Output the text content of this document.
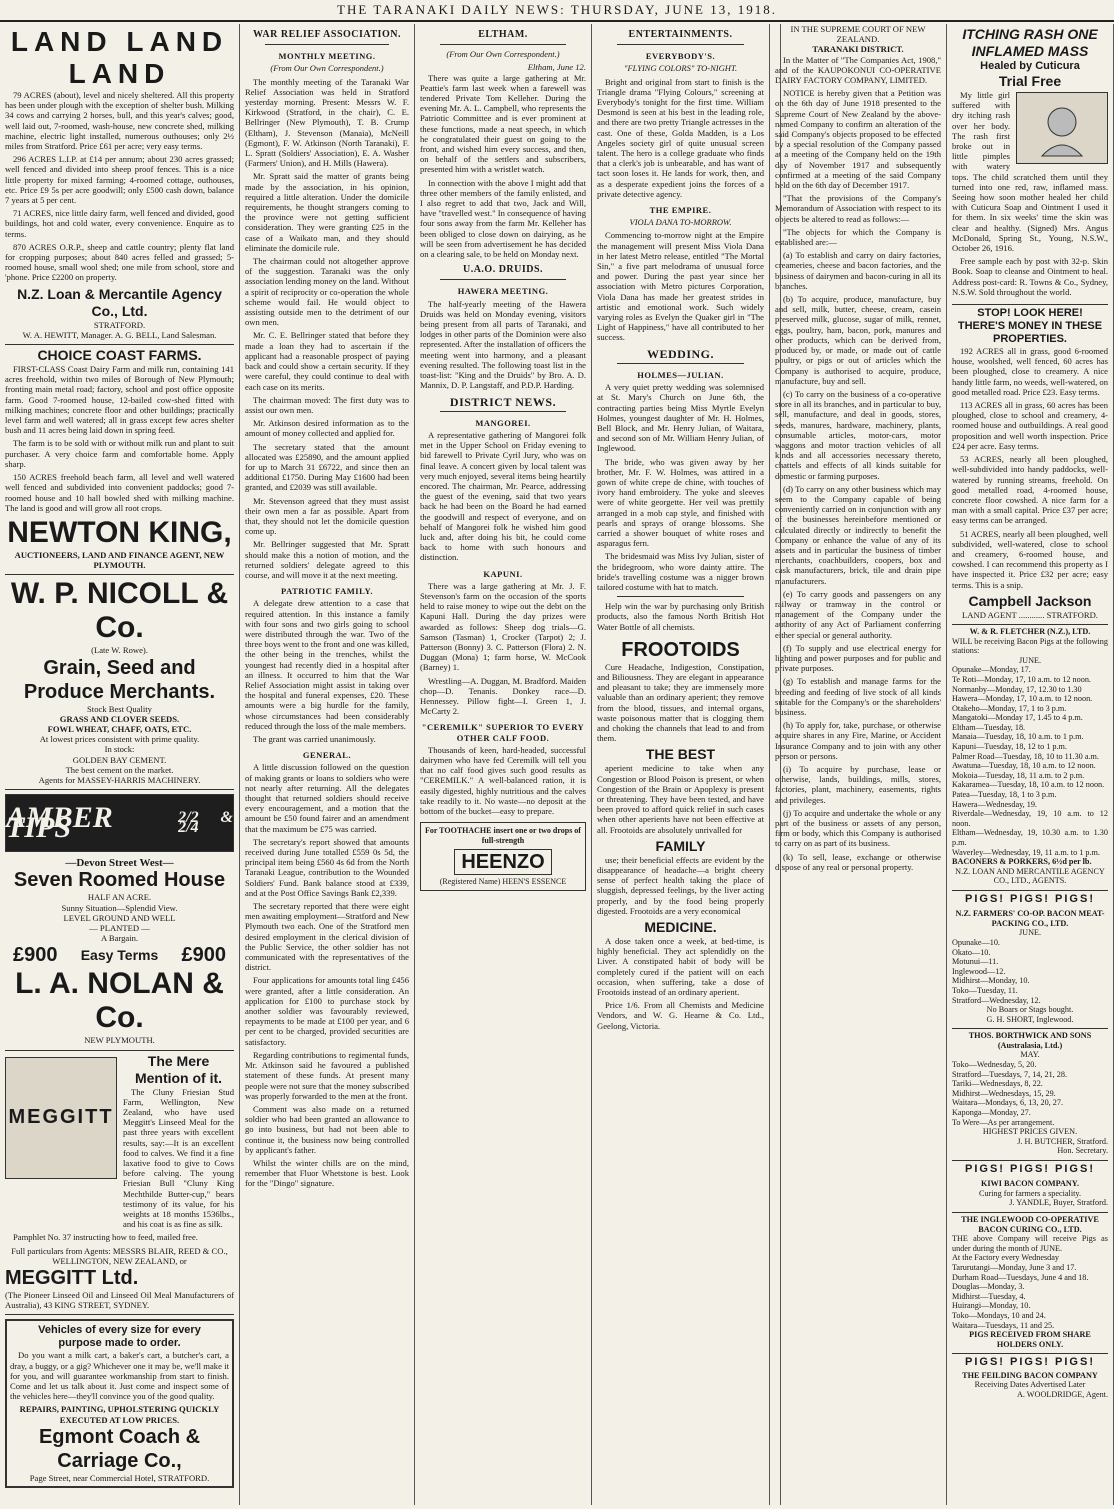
THE TARANAKI DAILY NEWS: THURSDAY, JUNE 13, 1918.
LAND LAND LAND

79 ACRES (about), level and nicely sheltered. All this property has been under plough with the exception of shelter bush. Milking 34 cows and carrying 2 horses, bull, and this year's calves; good, well laid out, 7-roomed, wash-house, new concrete shed, milking machine, electric light installed, numerous outhouses; only 2½ miles from Stratford. Price £61 per acre; very easy terms.

296 ACRES L.I.P. at £14 per annum; about 230 acres grassed; well fenced and divided into sheep proof fences. This is a nice little property for mixed farming; 4-roomed cottage, outhouses, etc. Price £9 5s per acre goodwill; only £500 cash down, balance 7 years at 5 per cent.

71 ACRES, nice little dairy farm, well fenced and divided, good buildings, hot and cold water, every convenience. Enquire as to terms.

870 ACRES O.R.P., sheep and cattle country; plenty flat land for cropping purposes; about 840 acres felled and grassed; 5-roomed house, small wool shed; one mile from school, store and 'phone. Price £2200 on property.

N.Z. Loan & Mercantile Agency Co., Ltd.
STRATFORD.
W. A. HEWITT, Manager. A. G. BELL, Land Salesman.
CHOICE COAST FARMS.

FIRST-CLASS Coast Dairy Farm and milk run, containing 141 acres freehold, within two miles of Borough of New Plymouth; fronting main metal road; factory, school and post office opposite farm. Good 7-roomed house, 12-bailed cow-shed fitted with milking machines; concrete floor and other buildings; practically level farm and well watered; all in grass except few acres shelter bush and 11 acres being laid down in spring feed.

The farm is to be sold with or without milk run and plant to suit purchaser. A very choice farm and comfortable home. Apply sharp.

150 ACRES freehold beach farm, all level and well watered well fenced and subdivided into convenient paddocks; good 7-roomed house and 10 hall bowled shed with milking machine. The land is good and will grow all root crops.

NEWTON KING,
AUCTIONEERS, LAND AND FINANCE AGENT, NEW PLYMOUTH.
W. P. NICOLL & Co.
(Late W. Rowe).
Grain, Seed and Produce Merchants.
Stock Best Quality
GRASS AND CLOVER SEEDS.
FOWL WHEAT, CHAFF, OATS, ETC.
At lowest prices consistent with prime quality.
In stock:
GOLDEN BAY CEMENT.
The best cement on the market.
Agents for MASSEY-HARRIS MACHINERY.
AMBER TIPS	2/2 & 2/4
—Devon Street West—
Seven Roomed House
HALF AN ACRE.
Sunny Situation—Splendid View.
LEVEL GROUND AND WELL
— PLANTED —
A Bargain.
£900 Easy Terms £900
L. A. NOLAN & Co.
NEW PLYMOUTH.
MEGGITT
The Mere Mention of it.

The Cluny Friesian Stud Farm, Wellington, New Zealand, who have used Meggitt's Linseed Meal for the past three years with excellent results, say:—It is an excellent food to calves. We find it a fine laxative food to give to Cows before calving. The young Friesian Bull "Cluny King Mechthilde Butter-cup," bears testimony of its value, for his weights at 18 months 1536lbs., and his coat is as fine as silk.

Pamphlet No. 37 instructing how to feed, mailed free.

Full particulars from Agents: MESSRS BLAIR, REED & CO., WELLINGTON, NEW ZEALAND, or
MEGGITT Ltd.
(The Pioneer Linseed Oil and Linseed Oil Meal Manufacturers of Australia), 43 KING STREET, SYDNEY.
Vehicles of every size for every
purpose made to order.

Do you want a milk cart, a baker's cart, a butcher's cart, a dray, a buggy, or a gig? Whichever one it may be, we'll make it for you, and will guarantee workmanship from start to finish. Come and let us talk about it. Just come and inspect some of the vehicles here—they'll convince you of the good quality.

REPAIRS, PAINTING, UPHOLSTERING QUICKLY EXECUTED AT LOW PRICES.
Egmont Coach & Carriage Co.,
Page Street, near Commercial Hotel, STRATFORD.
WAR RELIEF ASSOCIATION.
MONTHLY MEETING.
(From Our Own Correspondent.)

The monthly meeting of the Taranaki War Relief Association was held in Stratford yesterday morning. Present: Messrs W. F. Kirkwood (Stratford, in the chair), C. E. Bellringer (New Plymouth), T. B. Crump (Eltham), J. Stevenson (Manaia), McNeill (Egmont), F. W. Atkinson (North Taranaki), F. L. Spratt (Soldiers' Association), E. A. Washer (Farmers' Union), and H. Mills (Hawera).

Mr. Spratt said the matter of grants being made by the association, in his opinion, required a little alteration. Under the domicile requirements, he thought strangers coming to the province were not getting sufficient consideration. They were granting £25 in the case of a Waikato man, and they should eliminate the domicile rule.

The chairman could not altogether approve of the suggestion. Taranaki was the only association lending money on the land. Without a spirit of reciprocity or co-operation the whole scheme would fail. He would object to assisting outside men to the detriment of our own men.

Mr. C. E. Bellringer stated that before they made a loan they had to ascertain if the applicant had a reasonable prospect of paying back and could show a certain security. If they were careful, they could continue to deal with each case on its merits.

The chairman moved: The first duty was to assist our own men.

Mr. Atkinson desired information as to the amount of money collected and applied for.

The secretary stated that the amount allocated was £25890, and the amount applied for up to March 31 £6722, and since then an additional £1750. During May £1600 had been granted, and £2039 was still available.

Mr. Stevenson agreed that they must assist their own men a far as possible. Apart from that, they should not let the domicile question come up.

Mr. Bellringer suggested that Mr. Spratt should make this a notion of motion, and the returned soldiers' delegate agreed to this course, and will move it at the next meeting.

PATRIOTIC FAMILY.

A delegate drew attention to a case that required attention. In this instance a family with four sons and two girls going to school were distributed through the war. Two of the three boys went to the front and one was killed, the other being in the trenches, whilst the youngest had recently died in a hospital after an illness. It occurred to him that the War Relief Association might assist in taking over the hospital and funeral expenses, £20. These amounts were a big hurdle for the family, whose circumstances had been considerably reduced through the loss of the male members.

The grant was carried unanimously.

GENERAL.

A little discussion followed on the question of making grants or loans to soldiers who were not nearly after returning. All the delegates thought that returned soldiers should receive every encouragement, and a motion that the amount be £50 found fairer and an amendment that the maximum be £75 was carried.

The secretary's report showed that amounts received during June totalled £559 0s 5d, the principal item being £560 4s 6d from the North Taranaki League, contribution to the Wounded Soldiers' Fund. Bank balance stood at £339, and at the Post Office Savings Bank £2,339.

The secretary reported that there were eight men awaiting employment—Stratford and New Plymouth two each. One of the Stratford men desired employment in the clerical division of the Public Service, the other soldier has not communicated with the representatives of the district.

Four applications for amounts total ling £456 were granted, after a little consideration. An application for £100 to purchase stock by another soldier was favourably reviewed, repayments to be made at £100 per year, and 6 per cent to be charged, provided securities are satisfactory.

Regarding contributions to regimental funds, Mr. Atkinson said he favoured a published statement of these funds. At present many people were not sure that the money subscribed was properly forwarded to the men at the front.

Comment was also made on a returned soldier who had been granted an allowance to go into business, but had not been able to continue it, the business now being controlled by applicant's father.

Whilst the winter chills are on the mind, remember that Fluor Whetstone is best. Look for the "Dingo" signature.

ELTHAM.
(From Our Own Correspondent.)
Eltham, June 12.

There was quite a large gathering at Mr. Peattie's farm last week when a farewell was tendered Private Tom Kelleher. During the evening Mr. A. L. Campbell, who represents the Patriotic Committee and is ever prominent at these functions, made a neat speech, in which he congratulated their guest on going to the front, and wished him every success, and then, on behalf of the settlers and subscribers, presented him with a wristlet watch.

In connection with the above I might add that three other members of the family enlisted, and I also regret to add that two, Jack and Will, have "travelled west." In consequence of having four sons away from the farm Mr. Kelleher has been obliged to close down on dairying, as he will be seen from advertisement he has decided on a clearing sale, to be held on Monday next.

U.A.O. DRUIDS.
HAWERA MEETING.

The half-yearly meeting of the Hawera Druids was held on Monday evening, visitors being present from all parts of Taranaki, and lodges in other parts of the Dominion were also represented. After the installation of officers the meeting went into harmony, and a pleasant evening resulted. The following toast list in the toast-list: "King and the Druids" by Bro. A. D. Mannix, D. P. Langstaff, and P.D.P. Harding.

DISTRICT NEWS.
MANGOREI.

A representative gathering of Mangorei folk met in the Upper School on Friday evening to bid farewell to Private Cyril Jury, who was on final leave. A concert given by local talent was very much enjoyed, several items being heartily encored. The chairman, Mr. Pearce, addressing the guest of the evening, said that two years back he had been on the Board he had earned the goodwill and respect of everyone, and on behalf of Mangorei folk he wished him good luck and, after doing his bit, he could come back to home with such honours and distinction.

KAPUNI.

There was a large gathering at Mr. J. F. Stevenson's farm on the occasion of the sports held to raise money to wipe out the debt on the Kapuni Hall. During the day prizes were awarded as follows: Sheep dog trials—G. Samson (Tasman) 1, Crocker (Tarpot) 2; J. Patterson (Bonny) 3. C. Patterson (Flora) 2. N. Duggan (Mona) 1; farm horse, W. McCook (Barney) 1.

Wrestling—A. Duggan, M. Bradford. Maiden chop—D. Tenanis. Donkey race—D. Hennessey. Pillow fight—I. Green 1, J. McCarty 2.

"CEREMILK" SUPERIOR TO EVERY OTHER CALF FOOD.

Thousands of keen, hard-headed, successful dairymen who have fed Ceremilk will tell you that no calf food gives such good results as "CEREMILK." A well-balanced ration, it is easily digested, highly nutritious and the calves take readily to it. No waste—no deposit at the bottom of the bucket—easy to prepare.

For TOOTHACHE insert one or two drops of full-strength
HEENZO
(Registered Name) HEEN'S ESSENCE
ENTERTAINMENTS.
EVERYBODY'S.
"FLYING COLORS" TO-NIGHT.

Bright and original from start to finish is the Triangle drama "Flying Colours," screening at Everybody's tonight for the first time. William Desmond is seen at his best in the leading role, and there are two pretty Triangle actresses in the cast. One of these, Golda Madden, is a Los Angeles society girl of quite unusual screen talent. The hero is a college graduate who finds that a clerk's job is unbearable, and has want of tact soon loses it. He lands for work, then, and as a desperate expedient joins the forces of a private detective agency.

THE EMPIRE.
VIOLA DANA TO-MORROW.

Commencing to-morrow night at the Empire the management will present Miss Viola Dana in her latest Metro release, entitled "The Mortal Sin," a five part melodrama of unusual force and power. During the past year since her association with Metro pictures Corporation, Viola Dana has made her greatest strides in artistic and emotional work. Such widely varying roles as Evelyn the Quaker girl in "The Light of Happiness," have all contributed to her success.

WEDDING.
HOLMES—JULIAN.

A very quiet pretty wedding was solemnised at St. Mary's Church on June 6th, the contracting parties being Miss Myrtle Evelyn Holmes, youngest daughter of Mr. H. Holmes, Bell Block, and Mr. Henry Julian, of Waitara, and second son of Mr. William Henry Julian, of Inglewood.

The bride, who was given away by her brother, Mr. F. W. Holmes, was attired in a gown of white crepe de chine, with touches of ivory hand embroidery. The yoke and sleeves were of white georgette. Her veil was prettily arranged in a mob cap style, and finished with pearls and sprays of orange blossoms. She carried a shower bouquet of white roses and asparagus fern.

The bridesmaid was Miss Ivy Julian, sister of the bridegroom, who wore dainty attire. The bride's travelling costume was a nigger brown tailored costume with hat to match.

Help win the war by purchasing only British products, also the famous North British Hot Water Bottle of all chemists.

FROOTOIDS

Cure Headache, Indigestion, Constipation, and Biliousness. They are elegant in appearance and pleasant to take; they are immensely more valuable than an ordinary aperient; they remove from the blood, tissues, and internal organs, waste poisonous matter that is clogging them and choking the channels that lead to and from them.

THE BEST

aperient medicine to take when any Congestion or Blood Poison is present, or when Congestion of the Brain or Apoplexy is present or threatening. They have been tested, and have been proved to afford quick relief in such cases when other aperients have not been effective at all. Frootoids are absolutely unrivalled for

FAMILY

use; their beneficial effects are evident by the disappearance of headache—a bright cheery sense of perfect health taking the place of sluggish, depressed feelings, by the liver acting properly, and by the food being properly digested. Frootoids are a very economical

MEDICINE.

A dose taken once a week, at bed-time, is highly beneficial. They act splendidly on the Liver. A constipated habit of body will be completely cured if the patient will on each occasion, when suffering, take a dose of Frootoids instead of an ordinary aperient.

Price 1/6. From all Chemists and Medicine Vendors, and W. G. Hearne & Co. Ltd., Geelong, Victoria.

IN THE SUPREME COURT OF NEW ZEALAND.
TARANAKI DISTRICT.

In the Matter of "The Companies Act, 1908," and of the KAUPOKONUI CO-OPERATIVE DAIRY FACTORY COMPANY, LIMITED.

NOTICE is hereby given that a Petition was on the 6th day of June 1918 presented to the Supreme Court of New Zealand by the above-named Company to confirm an alteration of the said Company's objects proposed to be effected by a special resolution of the Company passed at a meeting of the Company held on the 19th day of November 1917 and subsequently confirmed at a meeting of the said Company held on the 6th day of December 1917.

"That the provisions of the Company's Memorandum of Association with respect to its objects be altered to read as follows:—

"The objects for which the Company is established are:—

(a) To establish and carry on dairy factories, creameries, cheese and bacon factories, and the business of dairymen and bacon-curing in all its branches.

(b) To acquire, produce, manufacture, buy and sell, milk, butter, cheese, cream, casein preserved milk, glucose, sugar of milk, rennet, eggs, poultry, ham, bacon, pork, manures and other products, which can be derived from, produced by, or made, or made out of cattle poultry, or pigs or out of articles which the Company is authorised to acquire, produce, manufacture, buy and sell.

(c) To carry on the business of a co-operative store in all its branches, and in particular to buy, sell, manufacture, and deal in goods, stores, seeds, manures, hardware, machinery, plants, consumable articles, motor-cars, motor waggons and motor traction vehicles of all kinds and all accessories necessary thereto, chattels and effects of all kinds suitable for domestic or farming purposes.

(d) To carry on any other business which may seem to the Company capable of being conveniently carried on in conjunction with any of the businesses hereinbefore mentioned or calculated directly or indirectly to benefit the Company or enhance the value of any of its assets and in particular the business of timber merchants, coachbuilders, coopers, box and cask manufacturers, brick, tile and drain pipe manufacturers.

(e) To carry goods and passengers on any railway or tramway in the control or management of the Company under the authority of any Act of Parliament conferring either special or general authority.

(f) To supply and use electrical energy for lighting and power purposes and for public and private purposes.

(g) To establish and manage farms for the breeding and feeding of live stock of all kinds suitable for the Company's or the shareholders' business.

(h) To apply for, take, purchase, or otherwise acquire shares in any Fire, Marine, or Accident Insurance Company and to join with any other person or persons.

(i) To acquire by purchase, lease or otherwise, lands, buildings, mills, stores, factories, plant, machinery, easements, rights and privileges.

(j) To acquire and undertake the whole or any part of the business or assets of any person, firm or body, which this Company is authorised to carry on as part of its business.

(k) To sell, lease, exchange or otherwise dispose of any real or personal property.

ITCHING RASH ONE
INFLAMED MASS
Healed by Cuticura
Trial Free

My little girl suffered with dry itching rash over her body. The rash first broke out in little pimples with watery tops. The child scratched them until they turned into one red, raw, inflamed mass. Seeing how soon mother healed her child with Cuticura Soap and Ointment I used it for them. In six weeks' time the skin was clear and healthy. (Signed) Mrs. Angus McDonald, Spring St., Young, N.S.W., October 26, 1916.

Free sample each by post with 32-p. Skin Book. Soap to cleanse and Ointment to heal. Address post-card: R. Towns & Co., Sydney, N.S.W. Sold throughout the world.

STOP! LOOK HERE!
THERE'S MONEY IN THESE PROPERTIES.

192 ACRES all in grass, good 6-roomed house, woolshed, well fenced, 60 acres has been ploughed, close to creamery. A nice handy little farm, no weeds, well-watered, on good metalled road. Price £23. Easy terms.

113 ACRES all in grass, 60 acres has been ploughed, close to school and creamery, 4-roomed house and outbuildings. A real good proposition and well worth inspection. Price £24 per acre. Easy terms.

53 ACRES, nearly all been ploughed, well-subdivided into handy paddocks, well-watered by running streams, freehold. On good metalled road, 4-roomed house, concrete floor cowshed. A nice farm for a man with a small capital. Price £37 per acre; easy terms can be arranged.

51 ACRES, nearly all been ploughed, well subdivided, well-watered, close to school and creamery, 6-roomed house, and cowshed. I can recommend this property as I have inspected it. Price £32 per acre; easy terms. This is a snip.

Campbell Jackson
LAND AGENT ............ STRATFORD.
W. & R. FLETCHER (N.Z.), LTD.
WILL be receiving Bacon Pigs at the following stations:
JUNE.
Opunake—Monday, 17.
Te Roti—Monday, 17, 10 a.m. to 12 noon.
Normanby—Monday, 17, 12.30 to 1.30
Hawera—Monday, 17, 10 a.m. to 12 noon.
Otakeho—Monday, 17, 1 to 3 p.m.
Mangatoki—Monday 17, 1.45 to 4 p.m.
Eltham—Tuesday, 18.
Manaia—Tuesday, 18, 10 a.m. to 1 p.m.
Kapuni—Tuesday, 18, 12 to 1 p.m.
Palmer Road—Tuesday, 18, 10 to 11.30 a.m.
Awatuna—Tuesday, 18, 10 a.m. to 12 noon.
Mokoia—Tuesday, 18, 11 a.m. to 2 p.m.
Kakaramea—Tuesday, 18, 10 a.m. to 12 noon.
Patea—Tuesday, 18, 1 to 3 p.m.
Hawera—Wednesday, 19.
Riverdale—Wednesday, 19, 10 a.m. to 12 noon.
Eltham—Wednesday, 19, 10.30 a.m. to 1.30 p.m.
Waverley—Wednesday, 19, 11 a.m. to 1 p.m.
BACONERS & PORKERS, 6½d per lb.
N.Z. LOAN AND MERCANTILE AGENCY CO., LTD., AGENTS.
PIGS! PIGS! PIGS!
N.Z. FARMERS' CO-OP. BACON MEAT-PACKING CO., LTD.
JUNE.
Opunake—10.
Okato—10.
Motunui—11.
Inglewood—12.
Midhirst—Monday, 10.
Toko—Tuesday, 11.
Stratford—Wednesday, 12.
No Boars or Stags bought.
G. H. SHORT, Inglewood.
THOS. BORTHWICK AND SONS (Australasia, Ltd.)
MAY.
Toko—Wednesday, 5, 20.
Stratford—Tuesdays, 7, 14, 21, 28.
Tariki—Wednesdays, 8, 22.
Midhirst—Wednesdays, 15, 29.
Waitara—Mondays, 6, 13, 20, 27.
Kaponga—Monday, 27.
To Were—As per arrangement.
HIGHEST PRICES GIVEN.
J. H. BUTCHER, Stratford.
Hon. Secretary.
PIGS! PIGS! PIGS!
KIWI BACON COMPANY.
Curing for farmers a speciality.
J. YANDLE, Buyer, Stratford.
THE INGLEWOOD CO-OPERATIVE BACON CURING CO., LTD.
THE above Company will receive Pigs as under during the month of JUNE.
At the Factory every Wednesday
Tarurutangi—Monday, June 3 and 17.
Durham Road—Tuesdays, June 4 and 18.
Douglas—Monday, 3.
Midhirst—Tuesday, 4.
Huirangi—Monday, 10.
Toko—Mondays, 10 and 24.
Waitara—Tuesdays, 11 and 25.
PIGS RECEIVED FROM SHARE HOLDERS ONLY.
PIGS! PIGS! PIGS!
THE FEILDING BACON COMPANY
Receiving Dates Advertised Later
A. WOOLDRIDGE, Agent.
